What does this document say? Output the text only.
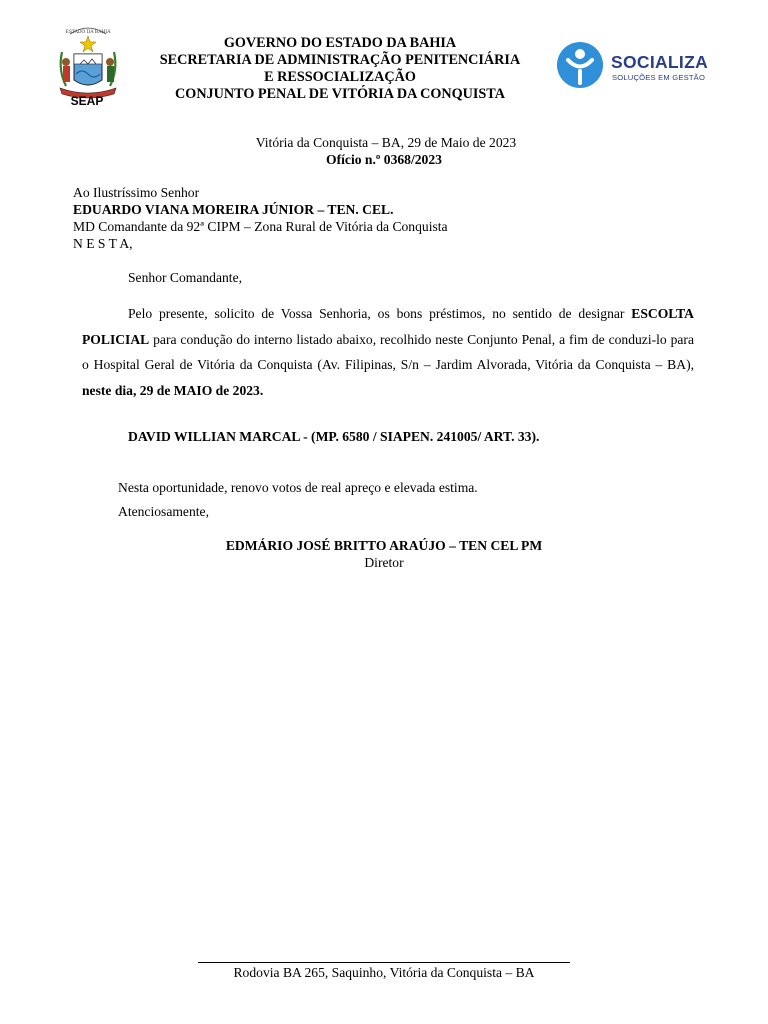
ESTADO DA BAHIA
SEAP
GOVERNO DO ESTADO DA BAHIA
SECRETARIA DE ADMINISTRAÇÃO PENITENCIÁRIA
E RESSOCIALIZAÇÃO
CONJUNTO PENAL DE VITÓRIA DA CONQUISTA
SOCIALIZA
SOLUÇÕES EM GESTÃO
Vitória da Conquista – BA, 29 de Maio de 2023
Ofício n.º 0368/2023
Ao Ilustríssimo Senhor
EDUARDO VIANA MOREIRA JÚNIOR – TEN. CEL.
MD Comandante da 92ª CIPM – Zona Rural de Vitória da Conquista
N E S T A,
Senhor Comandante,
Pelo presente, solicito de Vossa Senhoria, os bons préstimos, no sentido de designar ESCOLTA POLICIAL para condução do interno listado abaixo, recolhido neste Conjunto Penal, a fim de conduzi-lo para o Hospital Geral de Vitória da Conquista (Av. Filipinas, S/n – Jardim Alvorada, Vitória da Conquista – BA), neste dia, 29 de MAIO de 2023.
DAVID WILLIAN MARCAL - (MP. 6580 / SIAPEN. 241005/ ART. 33).
Nesta oportunidade, renovo votos de real apreço e elevada estima.
Atenciosamente,
EDMÁRIO JOSÉ BRITTO ARAÚJO – TEN CEL PM
Diretor
Rodovia BA 265, Saquinho, Vitória da Conquista – BA
